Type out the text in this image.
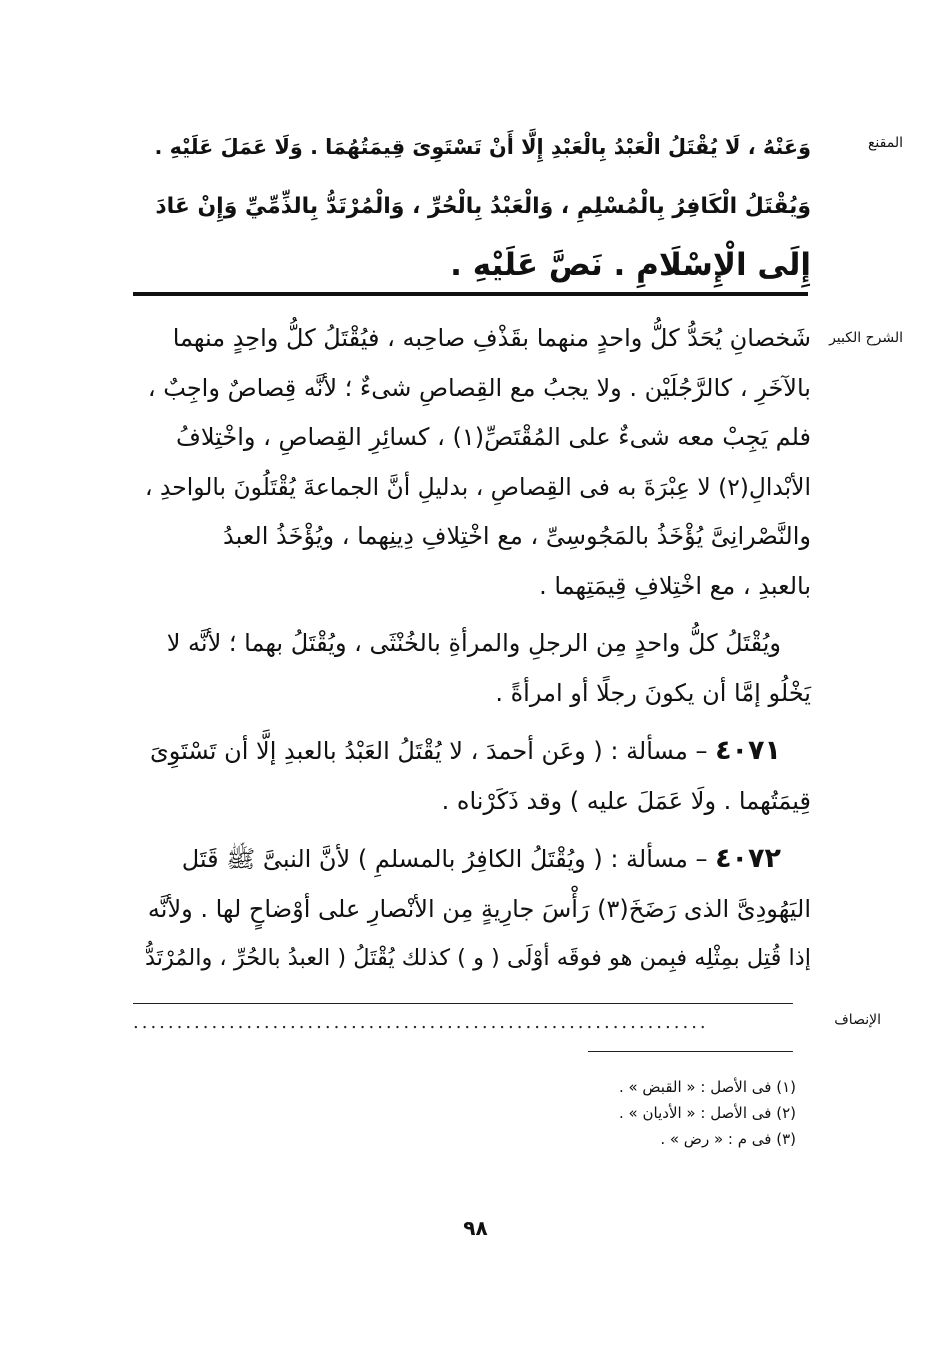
المقنع
وَعَنْهُ ، لَا يُقْتَلُ الْعَبْدُ بِالْعَبْدِ إِلَّا أَنْ تَسْتَوِىَ قِيمَتُهُمَا . وَلَا عَمَلَ عَلَيْهِ .
وَيُقْتَلُ الْكَافِرُ بِالْمُسْلِمِ ، وَالْعَبْدُ بِالْحُرِّ ، وَالْمُرْتَدُّ بِالذِّمِّيِّ وَإِنْ عَادَ
إِلَى الْإِسْلَامِ . نَصَّ عَلَيْهِ .
الشرح الكبير

شَخصانِ يُحَدُّ كلُّ واحدٍ منهما بقَذْفِ صاحِبه ، فيُقْتَلُ كلُّ واحِدٍ منهما
بالآخَرِ ، كالرَّجُلَيْن . ولا يجبُ مع القِصاصِ شىءٌ ؛ لأنَّه قِصاصٌ واجِبٌ ،
فلم يَجِبْ معه شىءٌ على المُقْتَصِّ(١) ، كسائِرِ القِصاصِ ، واخْتِلافُ
الأبْدالِ(٢) لا عِبْرَةَ به فى القِصاصِ ، بدليلِ أنَّ الجماعةَ يُقْتَلُونَ بالواحدِ ،
والنَّصْرانِىَّ يُؤْخَذُ بالمَجُوسِىِّ ، مع اخْتِلافِ دِينِهما ، ويُؤْخَذُ العبدُ
بالعبدِ ، مع اخْتِلافِ قِيمَتِهما .

ويُقْتَلُ كلُّ واحدٍ مِن الرجلِ والمرأةِ بالخُنْثَى ، ويُقْتَلُ بهما ؛ لأنَّه لا
يَخْلُو إمَّا أن يكونَ رجلًا أو امرأةً .

٤٠٧١ – مسألة : ( وعَن أحمدَ ، لا يُقْتَلُ العَبْدُ بالعبدِ إلَّا أن تَسْتَوِىَ
قِيمَتُهما . ولَا عَمَلَ عليه ) وقد ذَكَرْناه .

٤٠٧٢ – مسألة : ( ويُقْتَلُ الكافِرُ بالمسلمِ ) لأنَّ النبىَّ ﷺ قَتَل
اليَهُودِىَّ الذى رَضَخَ(٣) رَأْسَ جارِيةٍ مِن الأنْصارِ على أوْضاحٍ لها . ولأنَّه
إذا قُتِل بمِثْلِه فبِمن هو فوقَه أوْلَى ( و ) كذلك يُقْتَلُ ( العبدُ بالحُرِّ ، والمُرْتَدُّ

الإنصاف
..................................................................
(١) فى الأصل : « القبض » .
(٢) فى الأصل : « الأديان » .
(٣) فى م : « رض » .
٩٨
